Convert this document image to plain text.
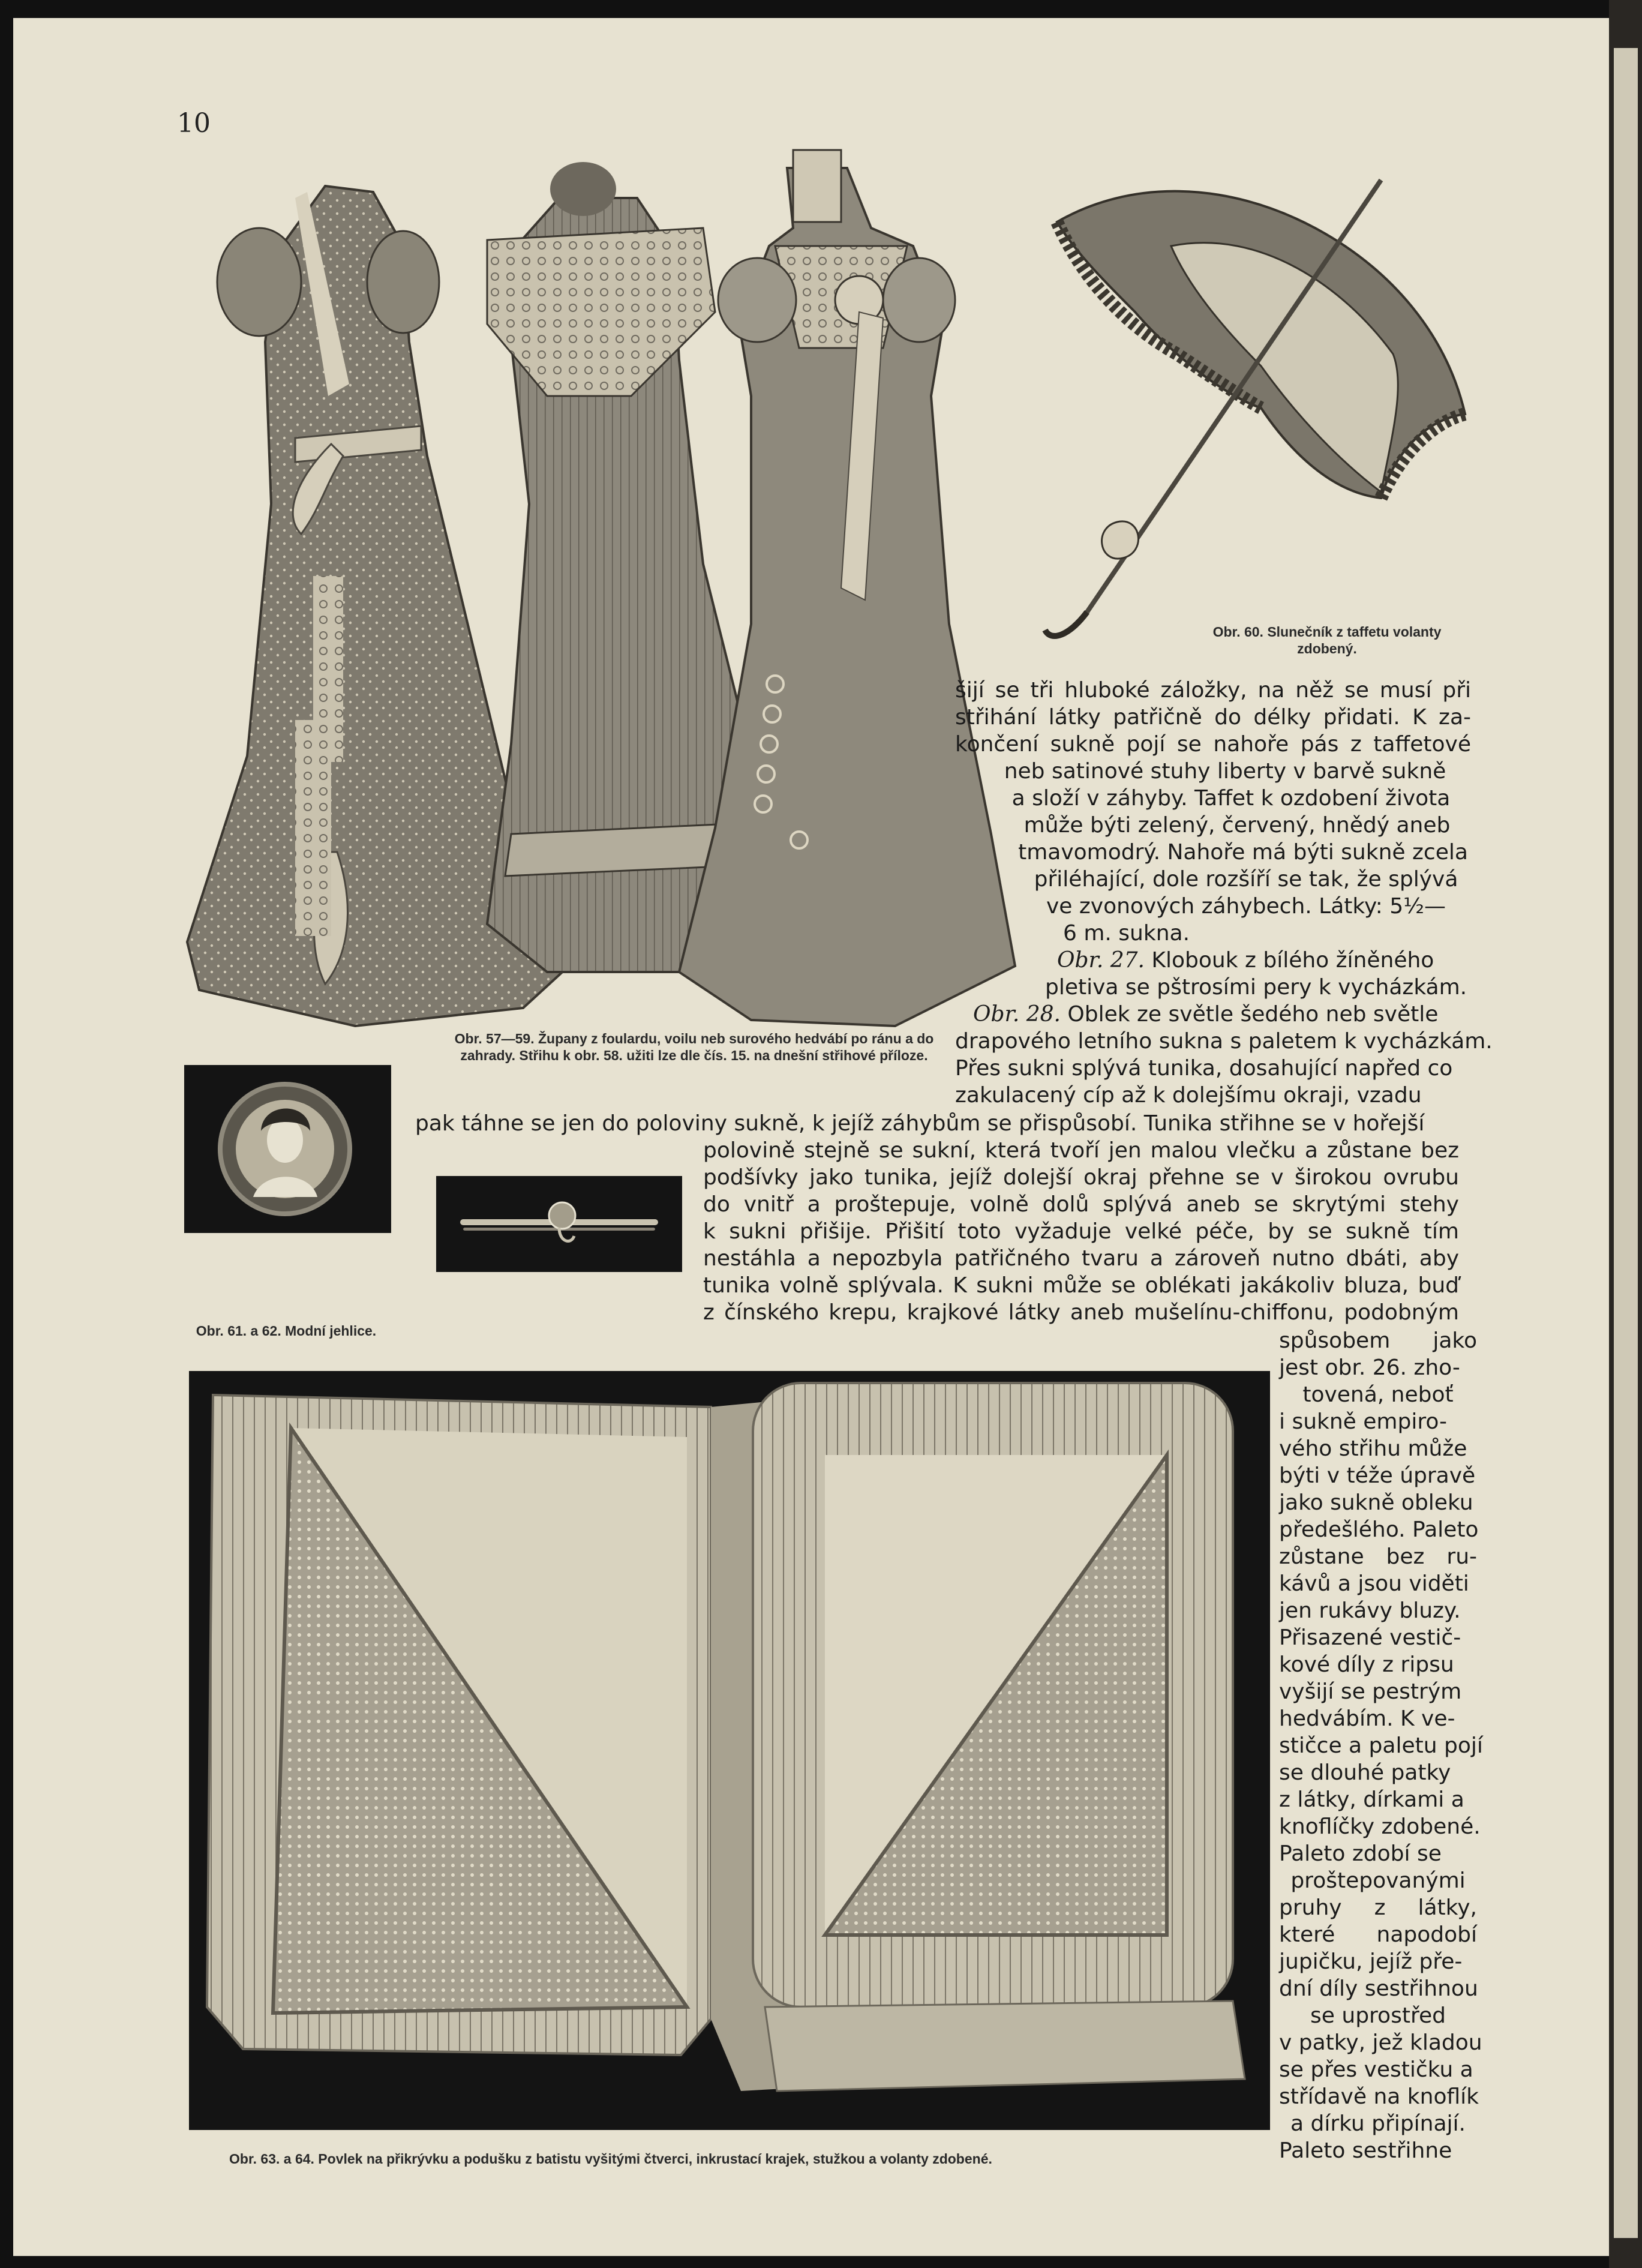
10
Obr. 57—59. Župany z foulardu, voilu neb surového hedvábí po ránu a do zahrady. Střihu k obr. 58. užiti lze dle čís. 15. na dnešní střihové příloze.
Obr. 60. Slunečník z taffetu volanty zdobený.
Obr. 61. a 62. Modní jehlice.
Obr. 63. a 64. Povlek na přikrývku a podušku z batistu vyšitými čtverci, inkrustací krajek, stužkou a volanty zdobené.
šijí se tři hluboké záložky, na něž se musí při
střihání látky patřičně do délky přidati. K za-
končení sukně pojí se nahoře pás z taffetové
neb satinové stuhy liberty v barvě sukně
a složí v záhyby. Taffet k ozdobení života
může býti zelený, červený, hnědý aneb
tmavomodrý. Nahoře má býti sukně zcela
přiléhající, dole rozšíří se tak, že splývá
ve zvonových záhybech. Látky: 5½—
6 m. sukna.
Obr. 27. Klobouk z bílého žíněného
pletiva se pštrosími pery k vycházkám.
Obr. 28. Oblek ze světle šedého neb světle
drapového letního sukna s paletem k vycházkám.
Přes sukni splývá tunika, dosahující napřed co
zakulacený cíp až k dolejšímu okraji, vzadu
pak táhne se jen do poloviny sukně, k jejíž záhybům se přispůsobí. Tunika střihne se v hořejší
polovině stejně se sukní, která tvoří jen malou vlečku a zůstane bez
podšívky jako tunika, jejíž dolejší okraj přehne se v širokou ovrubu
do vnitř a proštepuje, volně dolů splývá aneb se skrytými stehy
k sukni přišije. Přišití toto vyžaduje velké péče, by se sukně tím
nestáhla a nepozbyla patřičného tvaru a zároveň nutno dbáti, aby
tunika volně splývala. K sukni může se oblékati jakákoliv bluza, buď
z čínského krepu, krajkové látky aneb mušelínu-chiffonu, podobným
spůsobem jako
jest obr. 26. zho-
tovená, neboť
i sukně empiro-
vého střihu může
býti v téže úpravě
jako sukně obleku
předešlého. Paleto
zůstane bez ru-
kávů a jsou viděti
jen rukávy bluzy.
Přisazené vestič-
kové díly z ripsu
vyšijí se pestrým
hedvábím. K ve-
stičce a paletu pojí
se dlouhé patky
z látky, dírkami a
knoflíčky zdobené.
Paleto zdobí se
proštepovanými
pruhy z látky,
které napodobí
jupičku, jejíž pře-
dní díly sestřihnou
se uprostřed
v patky, jež kladou
se přes vestičku a
střídavě na knoflík
a dírku připínají.
Paleto sestřihne
